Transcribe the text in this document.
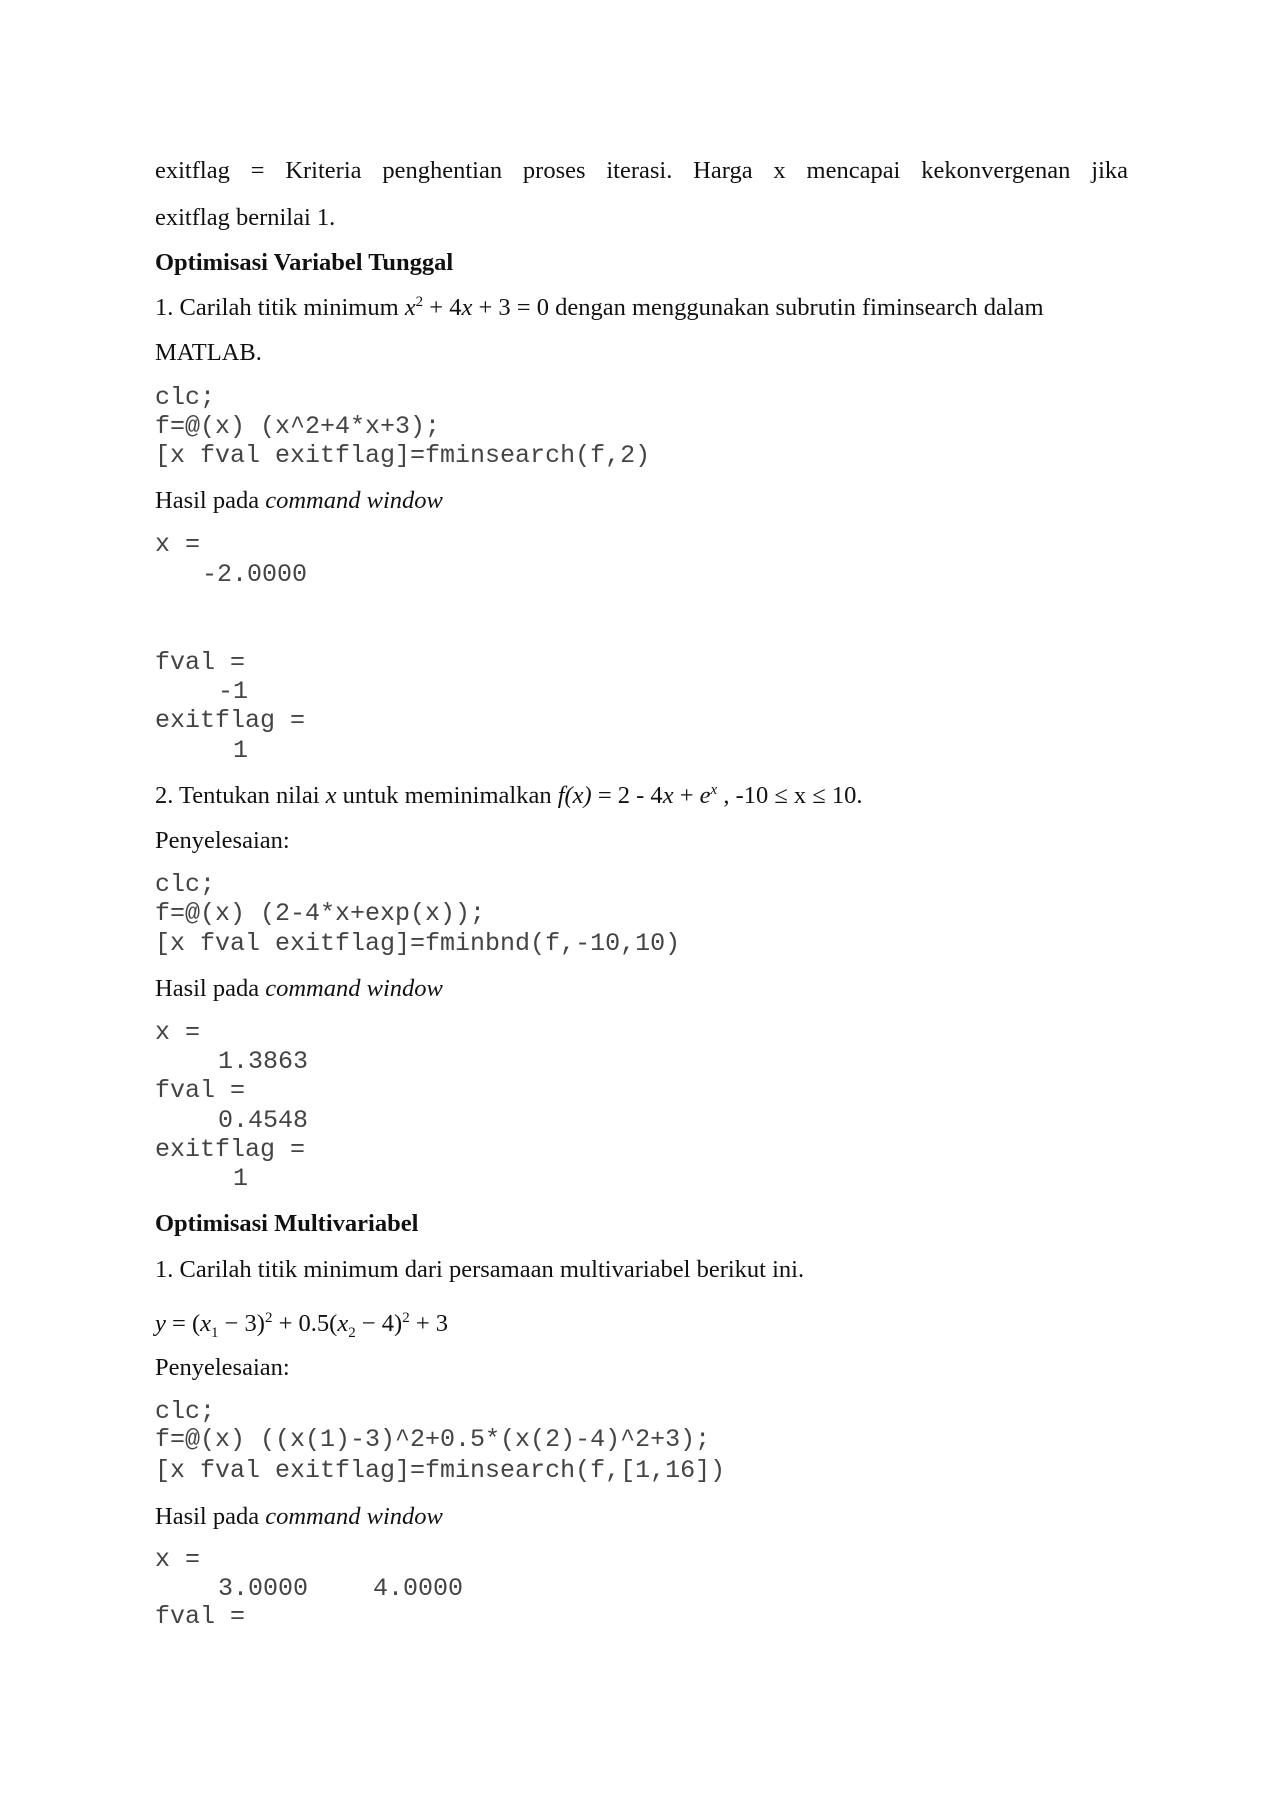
exitflag = Kriteria penghentian proses iterasi. Harga x mencapai kekonvergenan jika
exitflag bernilai 1.
Optimisasi Variabel Tunggal
1. Carilah titik minimum $x^2 + 4x + 3 = 0$ dengan menggunakan subrutin fiminsearch dalam
MATLAB.
clc;
f=@(x) (x^2+4*x+3);
[x fval exitflag]=fminsearch(f,2)
Hasil pada command window
x =
-2.0000
fval =
-1
exitflag =
1
2. Tentukan nilai x untuk meminimalkan $f(x) = 2 - 4x + e^x$ , -10 ≤ x ≤ 10.
Penyelesaian:
clc;
f=@(x) (2-4*x+exp(x));
[x fval exitflag]=fminbnd(f,-10,10)
Hasil pada command window
x =
1.3863
fval =
0.4548
exitflag =
1
Optimisasi Multivariabel
1. Carilah titik minimum dari persamaan multivariabel berikut ini.
$y = (x_1 - 3)^2 + 0.5(x_2 - 4)^2 + 3$
Penyelesaian:
clc;
f=@(x) ((x(1)-3)^2+0.5*(x(2)-4)^2+3);
[x fval exitflag]=fminsearch(f,[1,16])
Hasil pada command window
x =
3.0000	4.0000
fval =
